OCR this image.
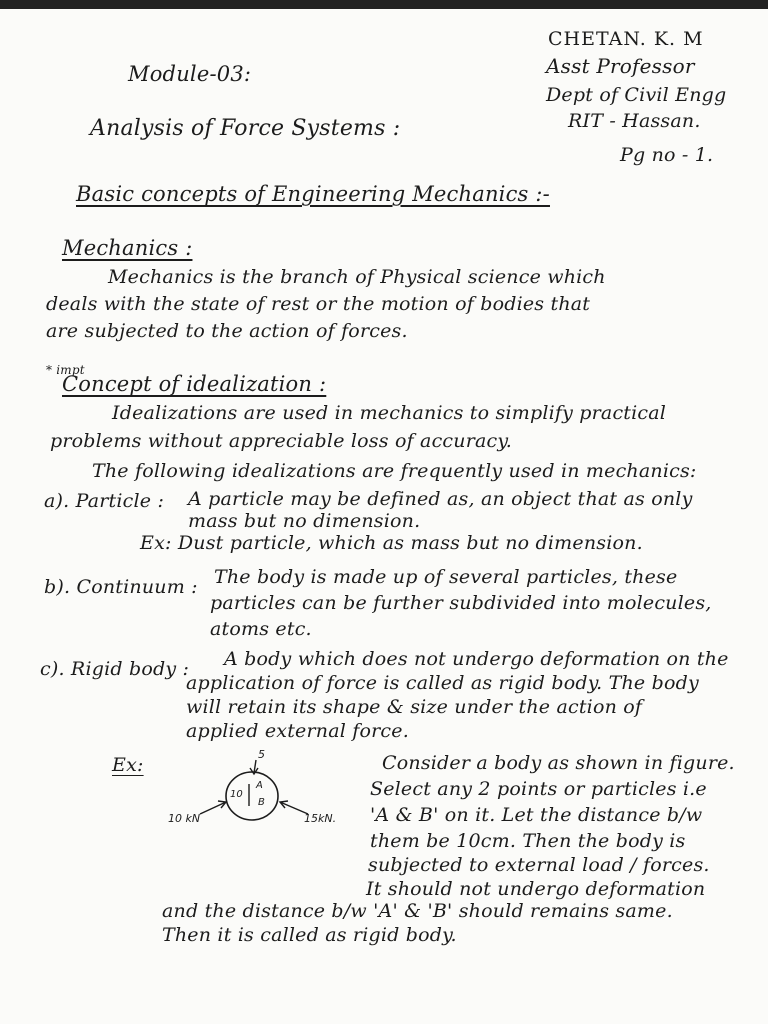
CHETAN. K. M
Asst Professor
Dept of Civil Engg
RIT - Hassan.
Pg no - 1.
Module-03:
Analysis of Force Systems :
Basic concepts of Engineering Mechanics :-
Mechanics :
Mechanics is the branch of Physical science which
deals with the state of rest or the motion of bodies that
are subjected to the action of forces.
* impt
Concept of idealization :
Idealizations are used in mechanics to simplify practical
problems without appreciable loss of accuracy.
The following idealizations are frequently used in mechanics:
a). Particle : A particle may be defined as, an object that as only
mass but no dimension.
Ex: Dust particle, which as mass but no dimension.
b). Continuum : The body is made up of several particles, these
particles can be further subdivided into molecules,
atoms etc.
c). Rigid body : A body which does not undergo deformation on the
application of force is called as rigid body. The body
will retain its shape & size under the action of
applied external force.
Ex:	Consider a body as shown in figure.
Select any 2 points or particles i.e
'A & B' on it. Let the distance b/w
them be 10cm. Then the body is
subjected to external load / forces.
It should not undergo deformation
and the distance b/w 'A' & 'B' should remains same.
Then it is called as rigid body.
5
10 kN	15kN.
10
A
B
